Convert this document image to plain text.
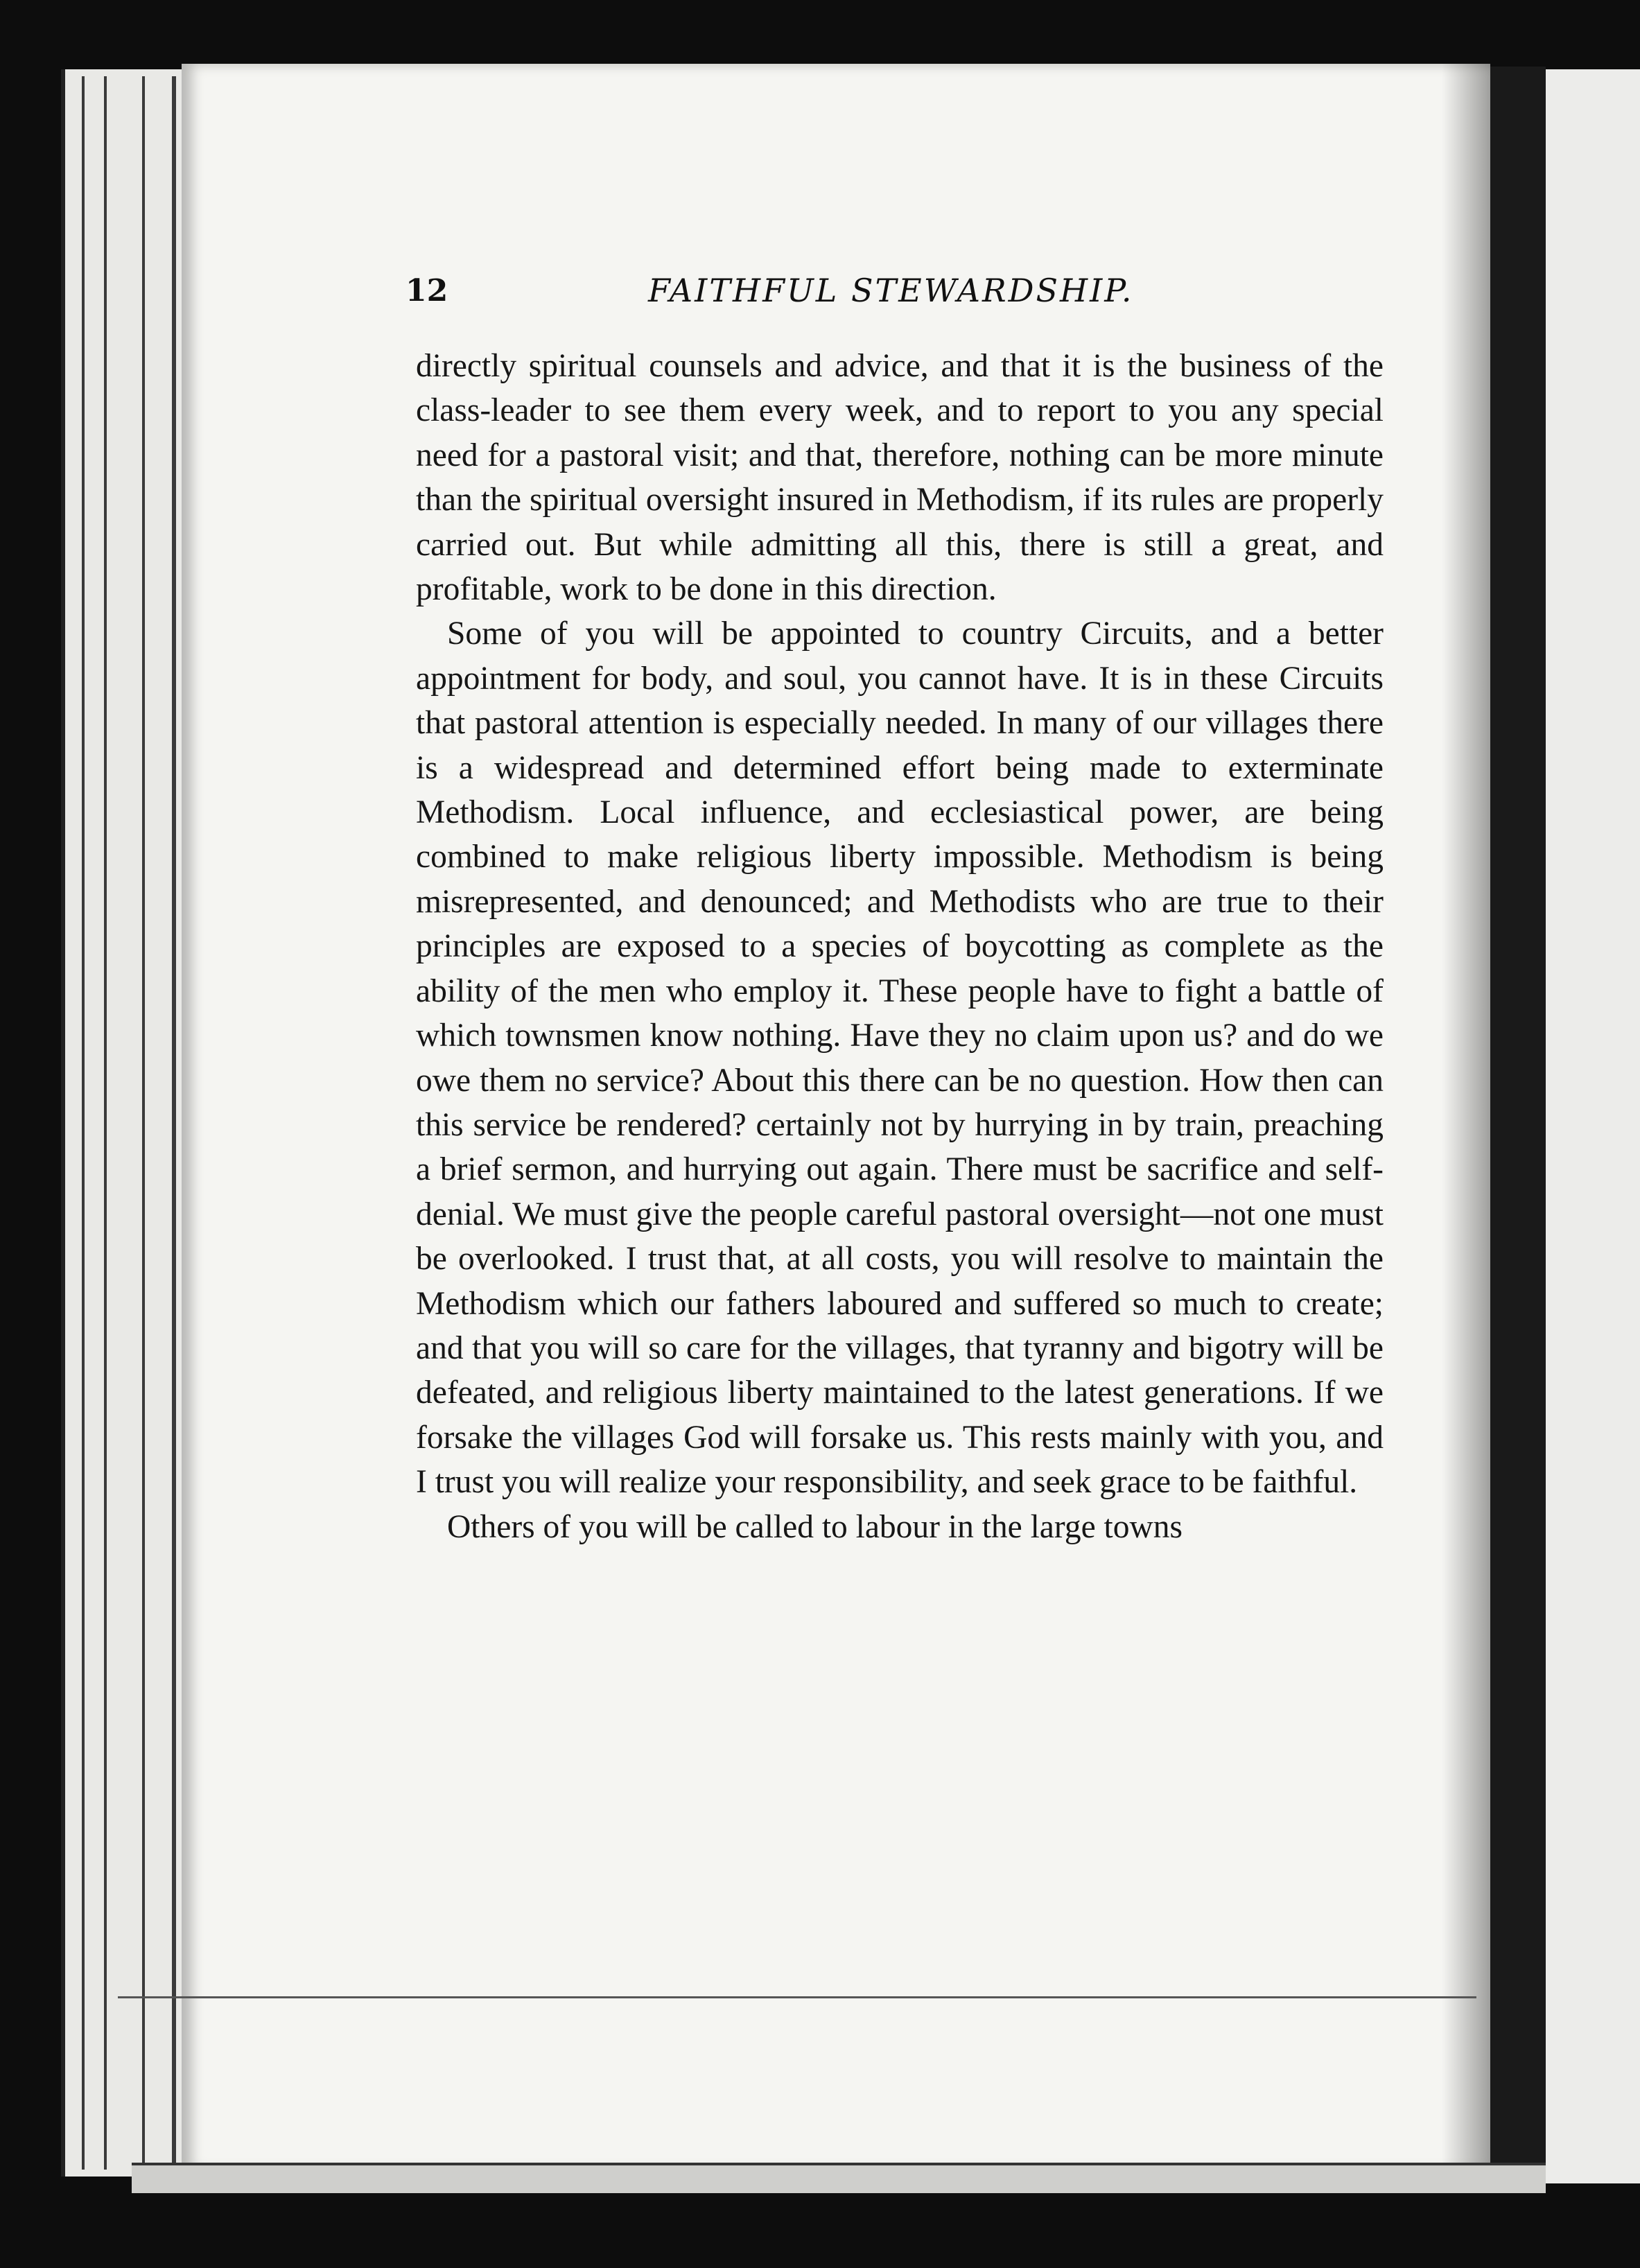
12	FAITHFUL STEWARDSHIP.

directly spiritual counsels and advice, and that it is the business of the class-leader to see them every week, and to report to you any special need for a pastoral visit; and that, therefore, nothing can be more minute than the spiritual oversight insured in Methodism, if its rules are properly carried out. But while admitting all this, there is still a great, and profitable, work to be done in this direction.

Some of you will be appointed to country Circuits, and a better appointment for body, and soul, you cannot have. It is in these Circuits that pastoral attention is especially needed. In many of our villages there is a widespread and determined effort being made to exterminate Methodism. Local influence, and ecclesiastical power, are being combined to make religious liberty impossible. Methodism is being misrepresented, and denounced; and Methodists who are true to their principles are exposed to a species of boycotting as complete as the ability of the men who employ it. These people have to fight a battle of which townsmen know nothing. Have they no claim upon us? and do we owe them no service? About this there can be no question. How then can this service be rendered? certainly not by hurrying in by train, preaching a brief sermon, and hurrying out again. There must be sacrifice and self-denial. We must give the people careful pastoral oversight—not one must be overlooked. I trust that, at all costs, you will resolve to maintain the Methodism which our fathers laboured and suffered so much to create; and that you will so care for the villages, that tyranny and bigotry will be defeated, and religious liberty maintained to the latest generations. If we forsake the villages God will forsake us. This rests mainly with you, and I trust you will realize your responsibility, and seek grace to be faithful.

Others of you will be called to labour in the large towns
